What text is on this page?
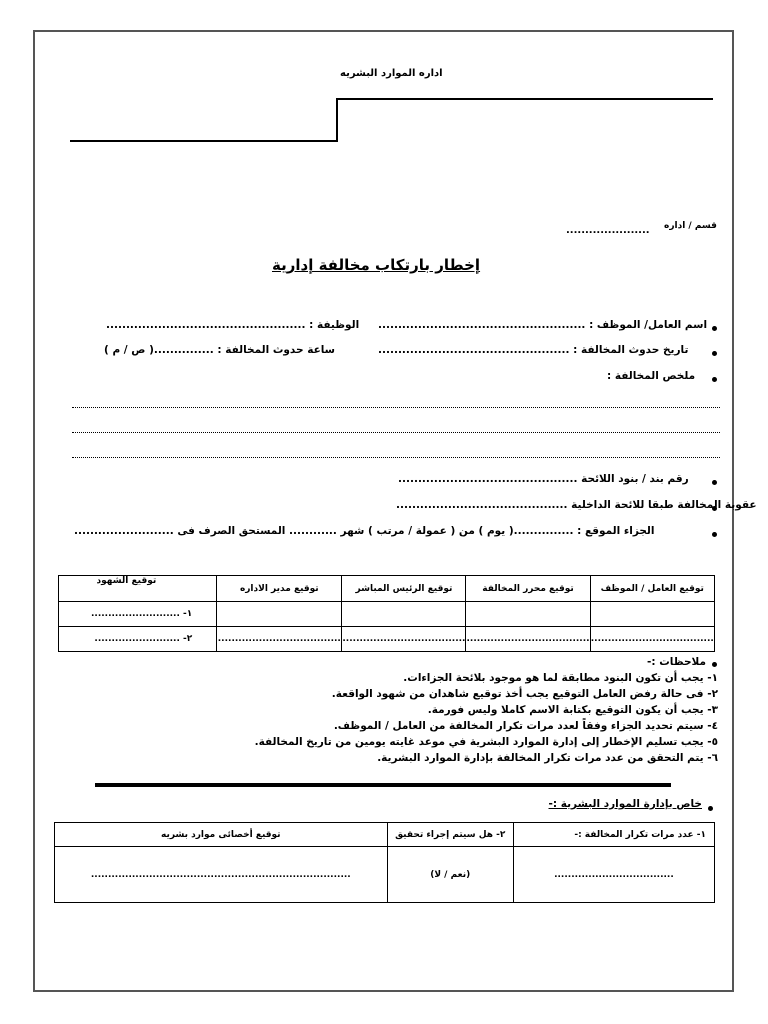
اداره الموارد البشريه
قسم / اداره
......................
إخطار بارتكاب مخالفة إدارية
اسم العامل/ الموظف : ....................................................
الوظيفة : ..................................................
تاريخ حدوث المخالفة : ................................................
ساعة حدوث المخالفة : ...............( ص / م )
ملخص المخالفة :
رقم بند / بنود اللائحة .............................................
عقوبة المخالفة طبقا للائحة الداخلية ...........................................
الجزاء الموقع : ...............( يوم ) من ( عمولة / مرتب ) شهر ............ المستحق الصرف فى .........................
توقيع العامل / الموظف	توقيع محرر المخالفة	توقيع الرئيس المباشر	توقيع مدير الاداره	توقيع الشهود

				١- ..........................
....................................	....................................	....................................	....................................	٢- .........................
ملاحظات :-
١- يجب أن تكون البنود مطابقة لما هو موجود بلائحة الجزاءات.
٢- فى حالة رفض العامل التوقيع يجب أخذ توقيع شاهدان من شهود الواقعة.
٣- يجب أن يكون التوقيع بكتابة الاسم كاملا وليس فورمة.
٤- سيتم تحديد الجزاء وفقاً لعدد مرات تكرار المخالفة من العامل / الموظف.
٥- يجب تسليم الإخطار إلى إدارة الموارد البشرية في موعد غايته يومين من تاريخ المخالفة.
٦- يتم التحقق من عدد مرات تكرار المخالفة بإدارة الموارد البشرية.
خاص بإدارة الموارد البشرية :-
١- عدد مرات تكرار المخالفة :-	٢- هل سيتم إجراء تحقيق	توقيع أخصائى موارد بشريه
...................................	(نعم / لا)	............................................................................
